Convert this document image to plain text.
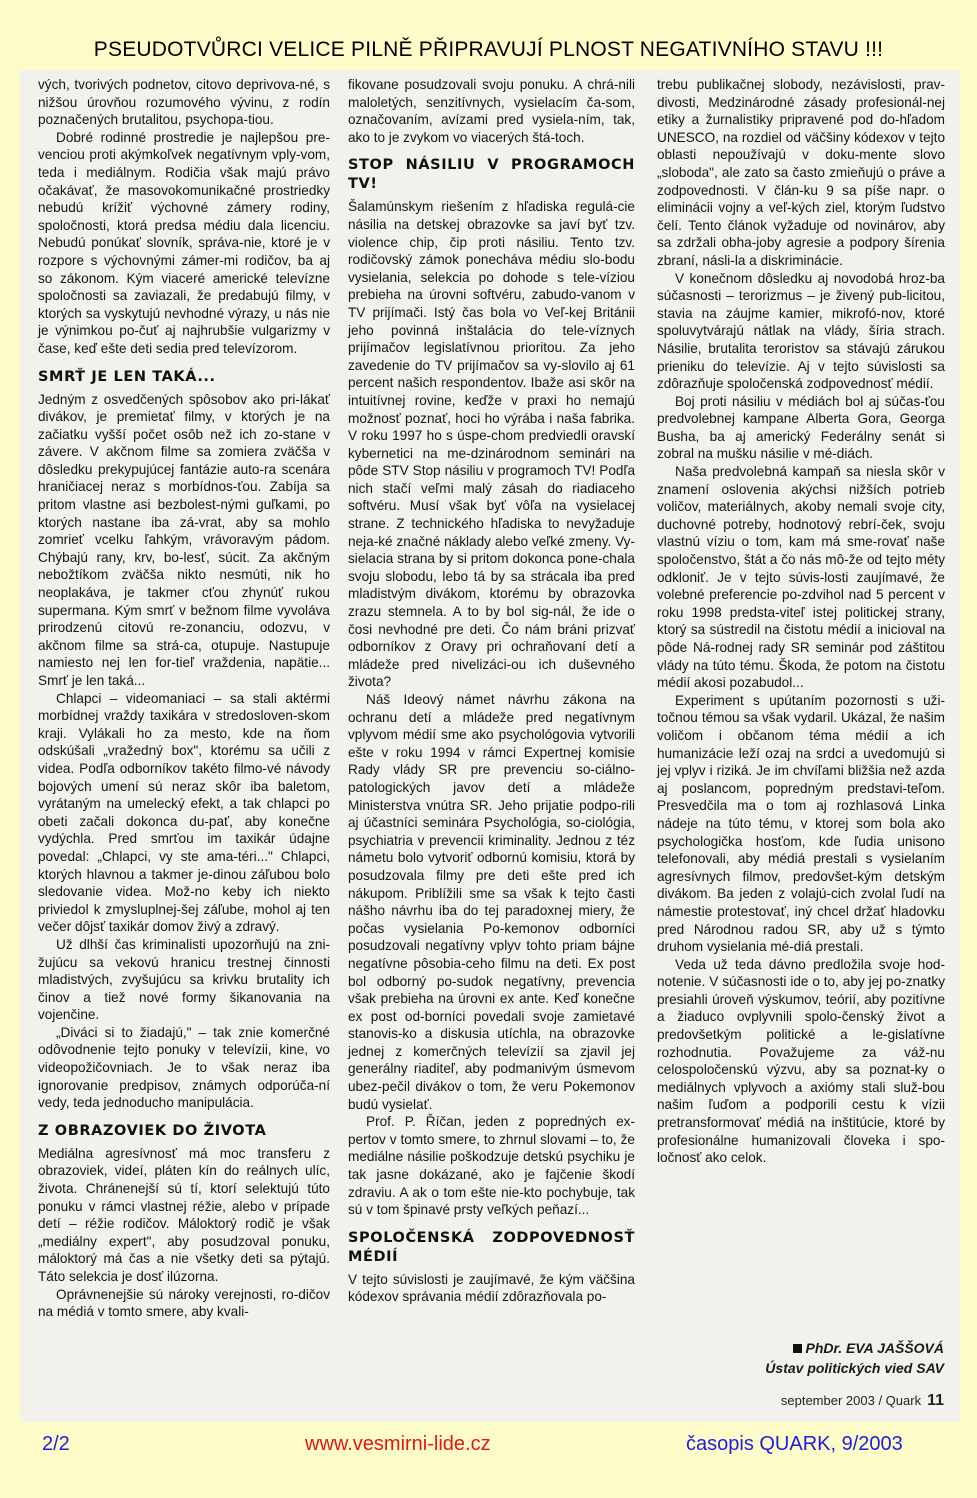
PSEUDOTVŮRCI VELICE PILNĚ PŘIPRAVUJÍ PLNOST NEGATIVNÍHO STAVU !!!

vých, tvorivých podnetov, citovo deprivova-né, s nižšou úrovňou rozumového vývinu, z rodín poznačených brutalitou, psychopa-tiou.

Dobré rodinné prostredie je najlepšou pre-venciou proti akýmkoľvek negatívnym vply-vom, teda i mediálnym. Rodičia však majú právo očakávať, že masovokomunikačné prostriedky nebudú krížiť výchovné zámery rodiny, spoločnosti, ktorá predsa médiu dala licenciu. Nebudú ponúkať slovník, správa-nie, ktoré je v rozpore s výchovnými zámer-mi rodičov, ba aj so zákonom. Kým viaceré americké televízne spoločnosti sa zaviazali, že predabujú filmy, v ktorých sa vyskytujú nevhodné výrazy, u nás nie je výnimkou po-čuť aj najhrubšie vulgarizmy v čase, keď ešte deti sedia pred televízorom.

SMRŤ JE LEN TAKÁ...

Jedným z osvedčených spôsobov ako pri-lákať divákov, je premietať filmy, v ktorých je na začiatku vyšší počet osôb než ich zo-stane v závere. V akčnom filme sa zomiera zväčša v dôsledku prekypujúcej fantázie auto-ra scenára hraničiacej neraz s morbídnos-ťou. Zabíja sa pritom vlastne asi bezbolest-nými guľkami, po ktorých nastane iba zá-vrat, aby sa mohlo zomrieť vcelku ľahkým, vrávoravým pádom. Chýbajú rany, krv, bo-lesť, súcit. Za akčným nebožtíkom zväčša nikto nesmúti, nik ho neoplakáva, je takmer cťou zhynúť rukou supermana. Kým smrť v bežnom filme vyvoláva prirodzenú citovú re-zonanciu, odozvu, v akčnom filme sa strá-ca, otupuje. Nastupuje namiesto nej len for-tieľ vraždenia, napätie... Smrť je len taká...

Chlapci – videomaniaci – sa stali aktérmi morbídnej vraždy taxikára v stredosloven-skom kraji. Vylákali ho za mesto, kde na ňom odskúšali „vražedný box", ktorému sa učili z videa. Podľa odborníkov takéto filmo-vé návody bojových umení sú neraz skôr iba baletom, vyrátaným na umelecký efekt, a tak chlapci po obeti začali dokonca du-pať, aby konečne vydýchla. Pred smrťou im taxikár údajne povedal: „Chlapci, vy ste ama-téri..." Chlapci, ktorých hlavnou a takmer je-dinou záľubou bolo sledovanie videa. Mož-no keby ich niekto priviedol k zmysluplnej-šej záľube, mohol aj ten večer dôjsť taxikár domov živý a zdravý.

Už dlhší čas kriminalisti upozorňujú na zni-žujúcu sa vekovú hranicu trestnej činnosti mladistvých, zvyšujúcu sa krivku brutality ich činov a tiež nové formy šikanovania na vojenčine.

„Diváci si to žiadajú," – tak znie komerčné odôvodnenie tejto ponuky v televízii, kine, vo videopožičovniach. Je to však neraz iba ignorovanie predpisov, známych odporúča-ní vedy, teda jednoducho manipulácia.

Z OBRAZOVIEK DO ŽIVOTA

Mediálna agresívnosť má moc transferu z obrazoviek, videí, pláten kín do reálnych ulíc, života. Chránenejší sú tí, ktorí selektujú túto ponuku v rámci vlastnej réžie, alebo v prípade detí – réžie rodičov. Máloktorý rodič je však „mediálny expert", aby posudzoval ponuku, máloktorý má čas a nie všetky deti sa pýtajú. Táto selekcia je dosť ilúzorna.

Oprávnenejšie sú nároky verejnosti, ro-dičov na médiá v tomto smere, aby kvali-

fikovane posudzovali svoju ponuku. A chrá-nili maloletých, senzitívnych, vysielacím ča-som, označovaním, avízami pred vysiela-ním, tak, ako to je zvykom vo viacerých štá-toch.

STOP NÁSILIU V PROGRAMOCH TV!

Šalamúnskym riešením z hľadiska regulá-cie násilia na detskej obrazovke sa javí byť tzv. violence chip, čip proti násiliu. Tento tzv. rodičovský zámok ponecháva médiu slo-bodu vysielania, selekcia po dohode s tele-víziou prebieha na úrovni softvéru, zabudo-vanom v TV prijímači. Istý čas bola vo Veľ-kej Británii jeho povinná inštalácia do tele-víznych prijímačov legislatívnou prioritou. Za jeho zavedenie do TV prijímačov sa vy-slovilo aj 61 percent našich respondentov. Ibaže asi skôr na intuitívnej rovine, keďže v praxi ho nemajú možnosť poznať, hoci ho výrába i naša fabrika. V roku 1997 ho s úspe-chom predviedli oravskí kybernetici na me-dzinárodnom seminári na pôde STV Stop násiliu v programoch TV! Podľa nich stačí veľmi malý zásah do riadiaceho softvéru. Musí však byť vôľa na vysielacej strane. Z technického hľadiska to nevyžaduje neja-ké značné náklady alebo veľké zmeny. Vy-sielacia strana by si pritom dokonca pone-chala svoju slobodu, lebo tá by sa strácala iba pred mladistvým divákom, ktorému by obrazovka zrazu stemnela. A to by bol sig-nál, že ide o čosi nevhodné pre deti. Čo nám bráni prizvať odborníkov z Oravy pri ochraňovaní detí a mládeže pred nivelizáci-ou ich duševného života?

Náš Ideový námet návrhu zákona na ochranu detí a mládeže pred negatívnym vplyvom médií sme ako psychológovia vytvorili ešte v roku 1994 v rámci Expertnej komisie Rady vlády SR pre prevenciu so-ciálno-patologických javov detí a mládeže Ministerstva vnútra SR. Jeho prijatie podpo-rili aj účastníci seminára Psychológia, so-ciológia, psychiatria v prevencii kriminality. Jednou z téz námetu bolo vytvoriť odbornú komisiu, ktorá by posudzovala filmy pre deti ešte pred ich nákupom. Priblížili sme sa však k tejto časti nášho návrhu iba do tej paradoxnej miery, že počas vysielania Po-kemonov odborníci posudzovali negatívny vplyv tohto priam bájne negatívne pôsobia-ceho filmu na deti. Ex post bol odborný po-sudok negatívny, prevencia však prebieha na úrovni ex ante. Keď konečne ex post od-borníci povedali svoje zamietavé stanovis-ko a diskusia utíchla, na obrazovke jednej z komerčných televízií sa zjavil jej generálny riaditeľ, aby podmanivým úsmevom ubez-pečil divákov o tom, že veru Pokemonov budú vysielať.

Prof. P. Říčan, jeden z popredných ex-pertov v tomto smere, to zhrnul slovami – to, že mediálne násilie poškodzuje detskú psychiku je tak jasne dokázané, ako je fajčenie škodí zdraviu. A ak o tom ešte nie-kto pochybuje, tak sú v tom špinavé prsty veľkých peňazí...

SPOLOČENSKÁ ZODPOVEDNOSŤ MÉDIÍ

V tejto súvislosti je zaujímavé, že kým väčšina kódexov správania médií zdôrazňovala po-

trebu publikačnej slobody, nezávislosti, prav-divosti, Medzinárodné zásady profesionál-nej etiky a žurnalistiky pripravené pod do-hľadom UNESCO, na rozdiel od väčšiny kódexov v tejto oblasti nepoužívajú v doku-mente slovo „sloboda", ale zato sa často zmieňujú o práve a zodpovednosti. V člán-ku 9 sa píše napr. o eliminácii vojny a veľ-kých ziel, ktorým ľudstvo čelí. Tento článok vyžaduje od novinárov, aby sa zdržali obha-joby agresie a podpory šírenia zbraní, násli-la a diskriminácie.

V konečnom dôsledku aj novodobá hroz-ba súčasnosti – terorizmus – je živený pub-licitou, stavia na záujme kamier, mikrofó-nov, ktoré spoluvytvárajú nátlak na vlády, šíria strach. Násilie, brutalita teroristov sa stávajú zárukou prieniku do televízie. Aj v tejto súvislosti sa zdôrazňuje spoločenská zodpovednosť médií.

Boj proti násiliu v médiách bol aj súčas-ťou predvolebnej kampane Alberta Gora, Georga Busha, ba aj americký Federálny senát si zobral na mušku násilie v mé-diách.

Naša predvolebná kampaň sa niesla skôr v znamení oslovenia akýchsi nižších potrieb voličov, materiálnych, akoby nemali svoje city, duchovné potreby, hodnotový rebrí-ček, svoju vlastnú víziu o tom, kam má sme-rovať naše spoločenstvo, štát a čo nás mô-že od tejto méty odkloniť. Je v tejto súvis-losti zaujímavé, že volebné preferencie po-zdvihol nad 5 percent v roku 1998 predsta-viteľ istej politickej strany, ktorý sa sústredil na čistotu médií a inicioval na pôde Ná-rodnej rady SR seminár pod záštitou vlády na túto tému. Škoda, že potom na čistotu médií akosi pozabudol...

Experiment s upútaním pozornosti s uži-točnou témou sa však vydaril. Ukázal, že našim voličom i občanom téma médií a ich humanizácie leží ozaj na srdci a uvedomujú si jej vplyv i riziká. Je im chvíľami bližšia než azda aj poslancom, popredným predstavi-teľom. Presvedčila ma o tom aj rozhlasová Linka nádeje na túto tému, v ktorej som bola ako psychologička hosťom, kde ľudia unisono telefonovali, aby médiá prestali s vysielaním agresívnych filmov, predovšet-kým detským divákom. Ba jeden z volajú-cich zvolal ľudí na námestie protestovať, iný chcel držať hladovku pred Národnou radou SR, aby už s týmto druhom vysielania mé-diá prestali.

Veda už teda dávno predložila svoje hod-notenie. V súčasnosti ide o to, aby jej po-znatky presiahli úroveň výskumov, teórií, aby pozitívne a žiaduco ovplyvnili spolo-čenský život a predovšetkým politické a le-gislatívne rozhodnutia. Považujeme za váž-nu celospoločenskú výzvu, aby sa poznat-ky o mediálnych vplyvoch a axiómy stali služ-bou našim ľuďom a podporili cestu k vízii pretransformovať médiá na inštitúcie, ktoré by profesionálne humanizovali človeka i spo-ločnosť ako celok.

PhDr. EVA JAŠŠOVÁ
Ústav politických vied SAV
september 2003 / Quark 11
2/2	www.vesmirni-lide.cz	časopis QUARK, 9/2003
